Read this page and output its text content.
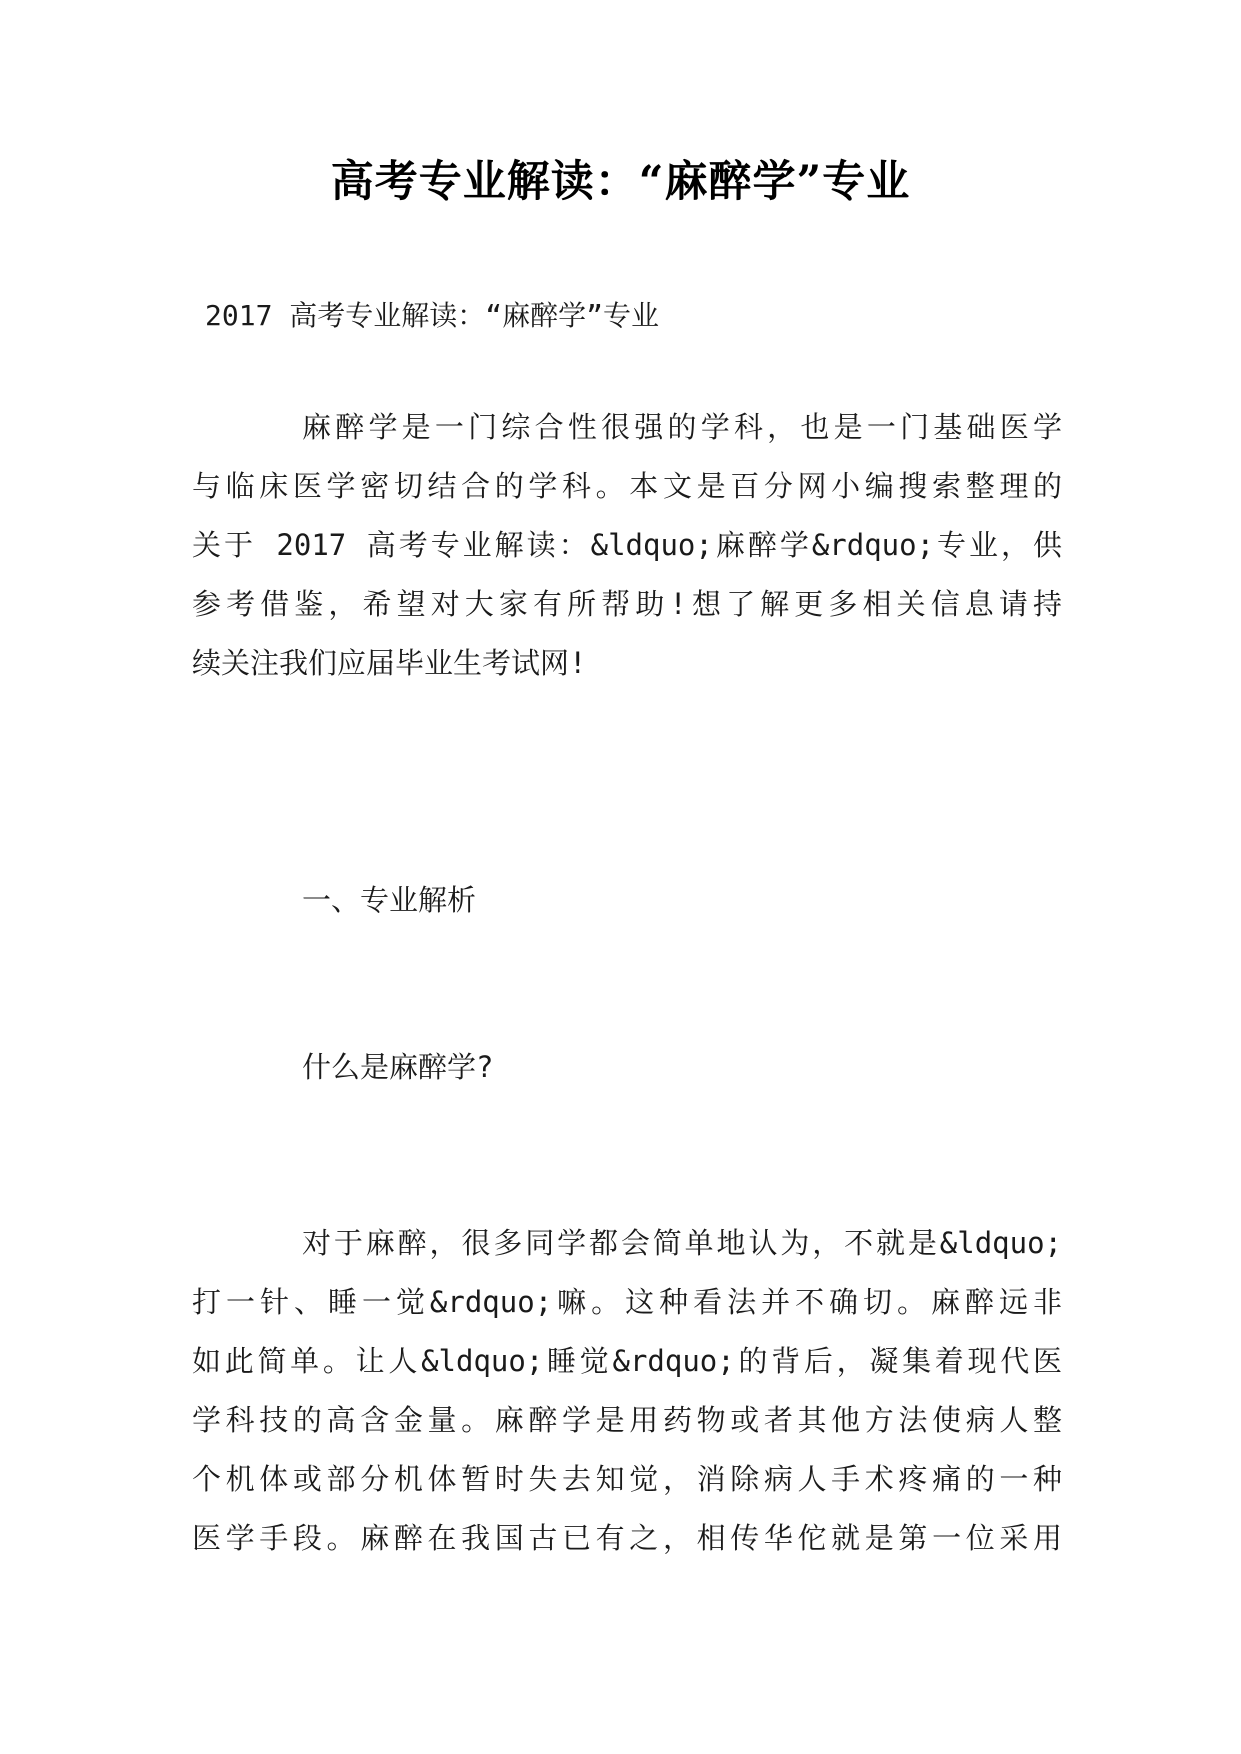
高考专业解读：“麻醉学”专业
2017 高考专业解读：“麻醉学”专业
麻醉学是一门综合性很强的学科，也是一门基础医学
与临床医学密切结合的学科。本文是百分网小编搜索整理的
关于 2017 高考专业解读：&ldquo;麻醉学&rdquo;专业，供
参考借鉴，希望对大家有所帮助!想了解更多相关信息请持
续关注我们应届毕业生考试网!
一、专业解析
什么是麻醉学?
对于麻醉，很多同学都会简单地认为，不就是&ldquo;
打一针、睡一觉&rdquo;嘛。这种看法并不确切。麻醉远非
如此简单。让人&ldquo;睡觉&rdquo;的背后，凝集着现代医
学科技的高含金量。麻醉学是用药物或者其他方法使病人整
个机体或部分机体暂时失去知觉，消除病人手术疼痛的一种
医学手段。麻醉在我国古已有之，相传华佗就是第一位采用
